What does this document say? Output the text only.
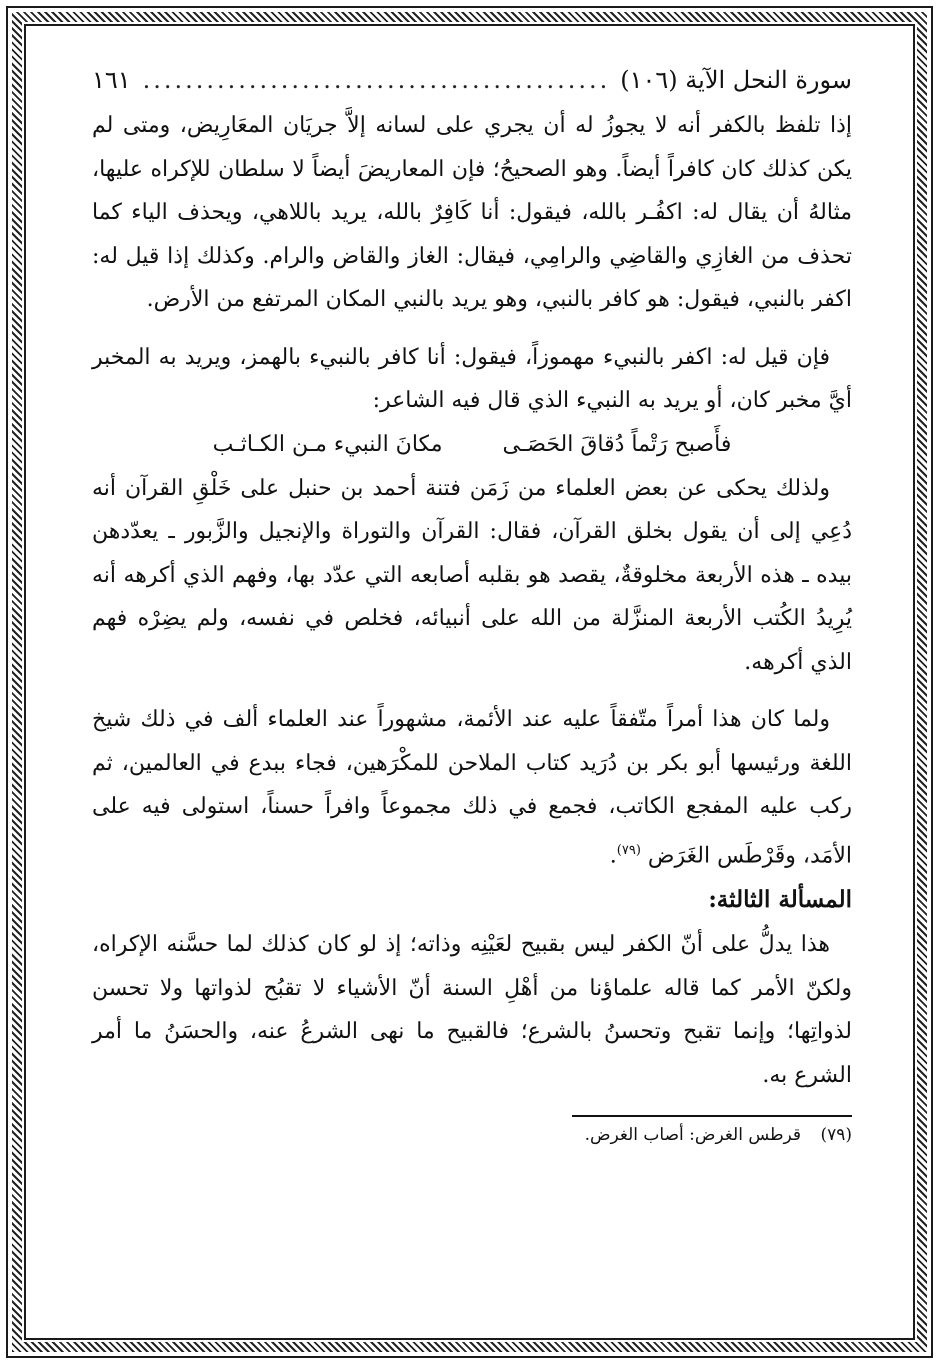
سورة النحل الآية (١٠٦)
.....
١٦١

إذا تلفظ بالكفر أنه لا يجوزُ له أن يجري على لسانه إلاَّ جريَان المعَارِيض، ومتى لم يكن كذلك كان كافراً أيضاً. وهو الصحيحُ؛ فإن المعاريضَ أيضاً لا سلطان للإكراه عليها، مثالهُ أن يقال له: اكفُـر بالله، فيقول: أنا كَافِرٌ بالله، يريد باللاهي، ويحذف الياء كما تحذف من الغازِي والقاضِي والرامِي، فيقال: الغاز والقاض والرام. وكذلك إذا قيل له: اكفر بالنبي، فيقول: هو كافر بالنبي، وهو يريد بالنبي المكان المرتفع من الأرض.

فإن قيل له: اكفر بالنبيء مهموزاً، فيقول: أنا كافر بالنبيء بالهمز، ويريد به المخبر أيَّ مخبر كان، أو يريد به النبيء الذي قال فيه الشاعر:

فأَصبح رَتْماً دُقاقَ الحَصَـى
مكانَ النبيء مـن الكـاثـب

ولذلك يحكى عن بعض العلماء من زَمَن فتنة أحمد بن حنبل على خَلْقِ القرآن أنه دُعِي إلى أن يقول بخلق القرآن، فقال: القرآن والتوراة والإنجيل والزَّبور ـ يعدّدهن بيده ـ هذه الأربعة مخلوقةٌ، يقصد هو بقلبه أصابعه التي عدّد بها، وفهم الذي أكرهه أنه يُرِيدُ الكُتب الأربعة المنزَّلة من الله على أنبيائه، فخلص في نفسه، ولم يضِرْه فهم الذي أكرهه.

ولما كان هذا أمراً متّفقاً عليه عند الأئمة، مشهوراً عند العلماء ألف في ذلك شيخ اللغة ورئيسها أبو بكر بن دُرَيد كتاب الملاحن للمكْرَهين، فجاء ببدع في العالمين، ثم ركب عليه المفجع الكاتب، فجمع في ذلك مجموعاً وافراً حسناً، استولى فيه على الأمَد، وقَرْطَس الغَرَض $^{(٧٩)}$.

المسألة الثالثة:

هذا يدلُّ على أنّ الكفر ليس بقبيح لعَيْنِه وذاته؛ إذ لو كان كذلك لما حسَّنه الإكراه، ولكنّ الأمر كما قاله علماؤنا من أهْلِ السنة أنّ الأشياء لا تقبُح لذواتها ولا تحسن لذواتِها؛ وإنما تقبح وتحسنُ بالشرع؛ فالقبيح ما نهى الشرعُ عنه، والحسَنُ ما أمر الشرع به.

(٧٩) قرطس الغرض: أصاب الغرض.
